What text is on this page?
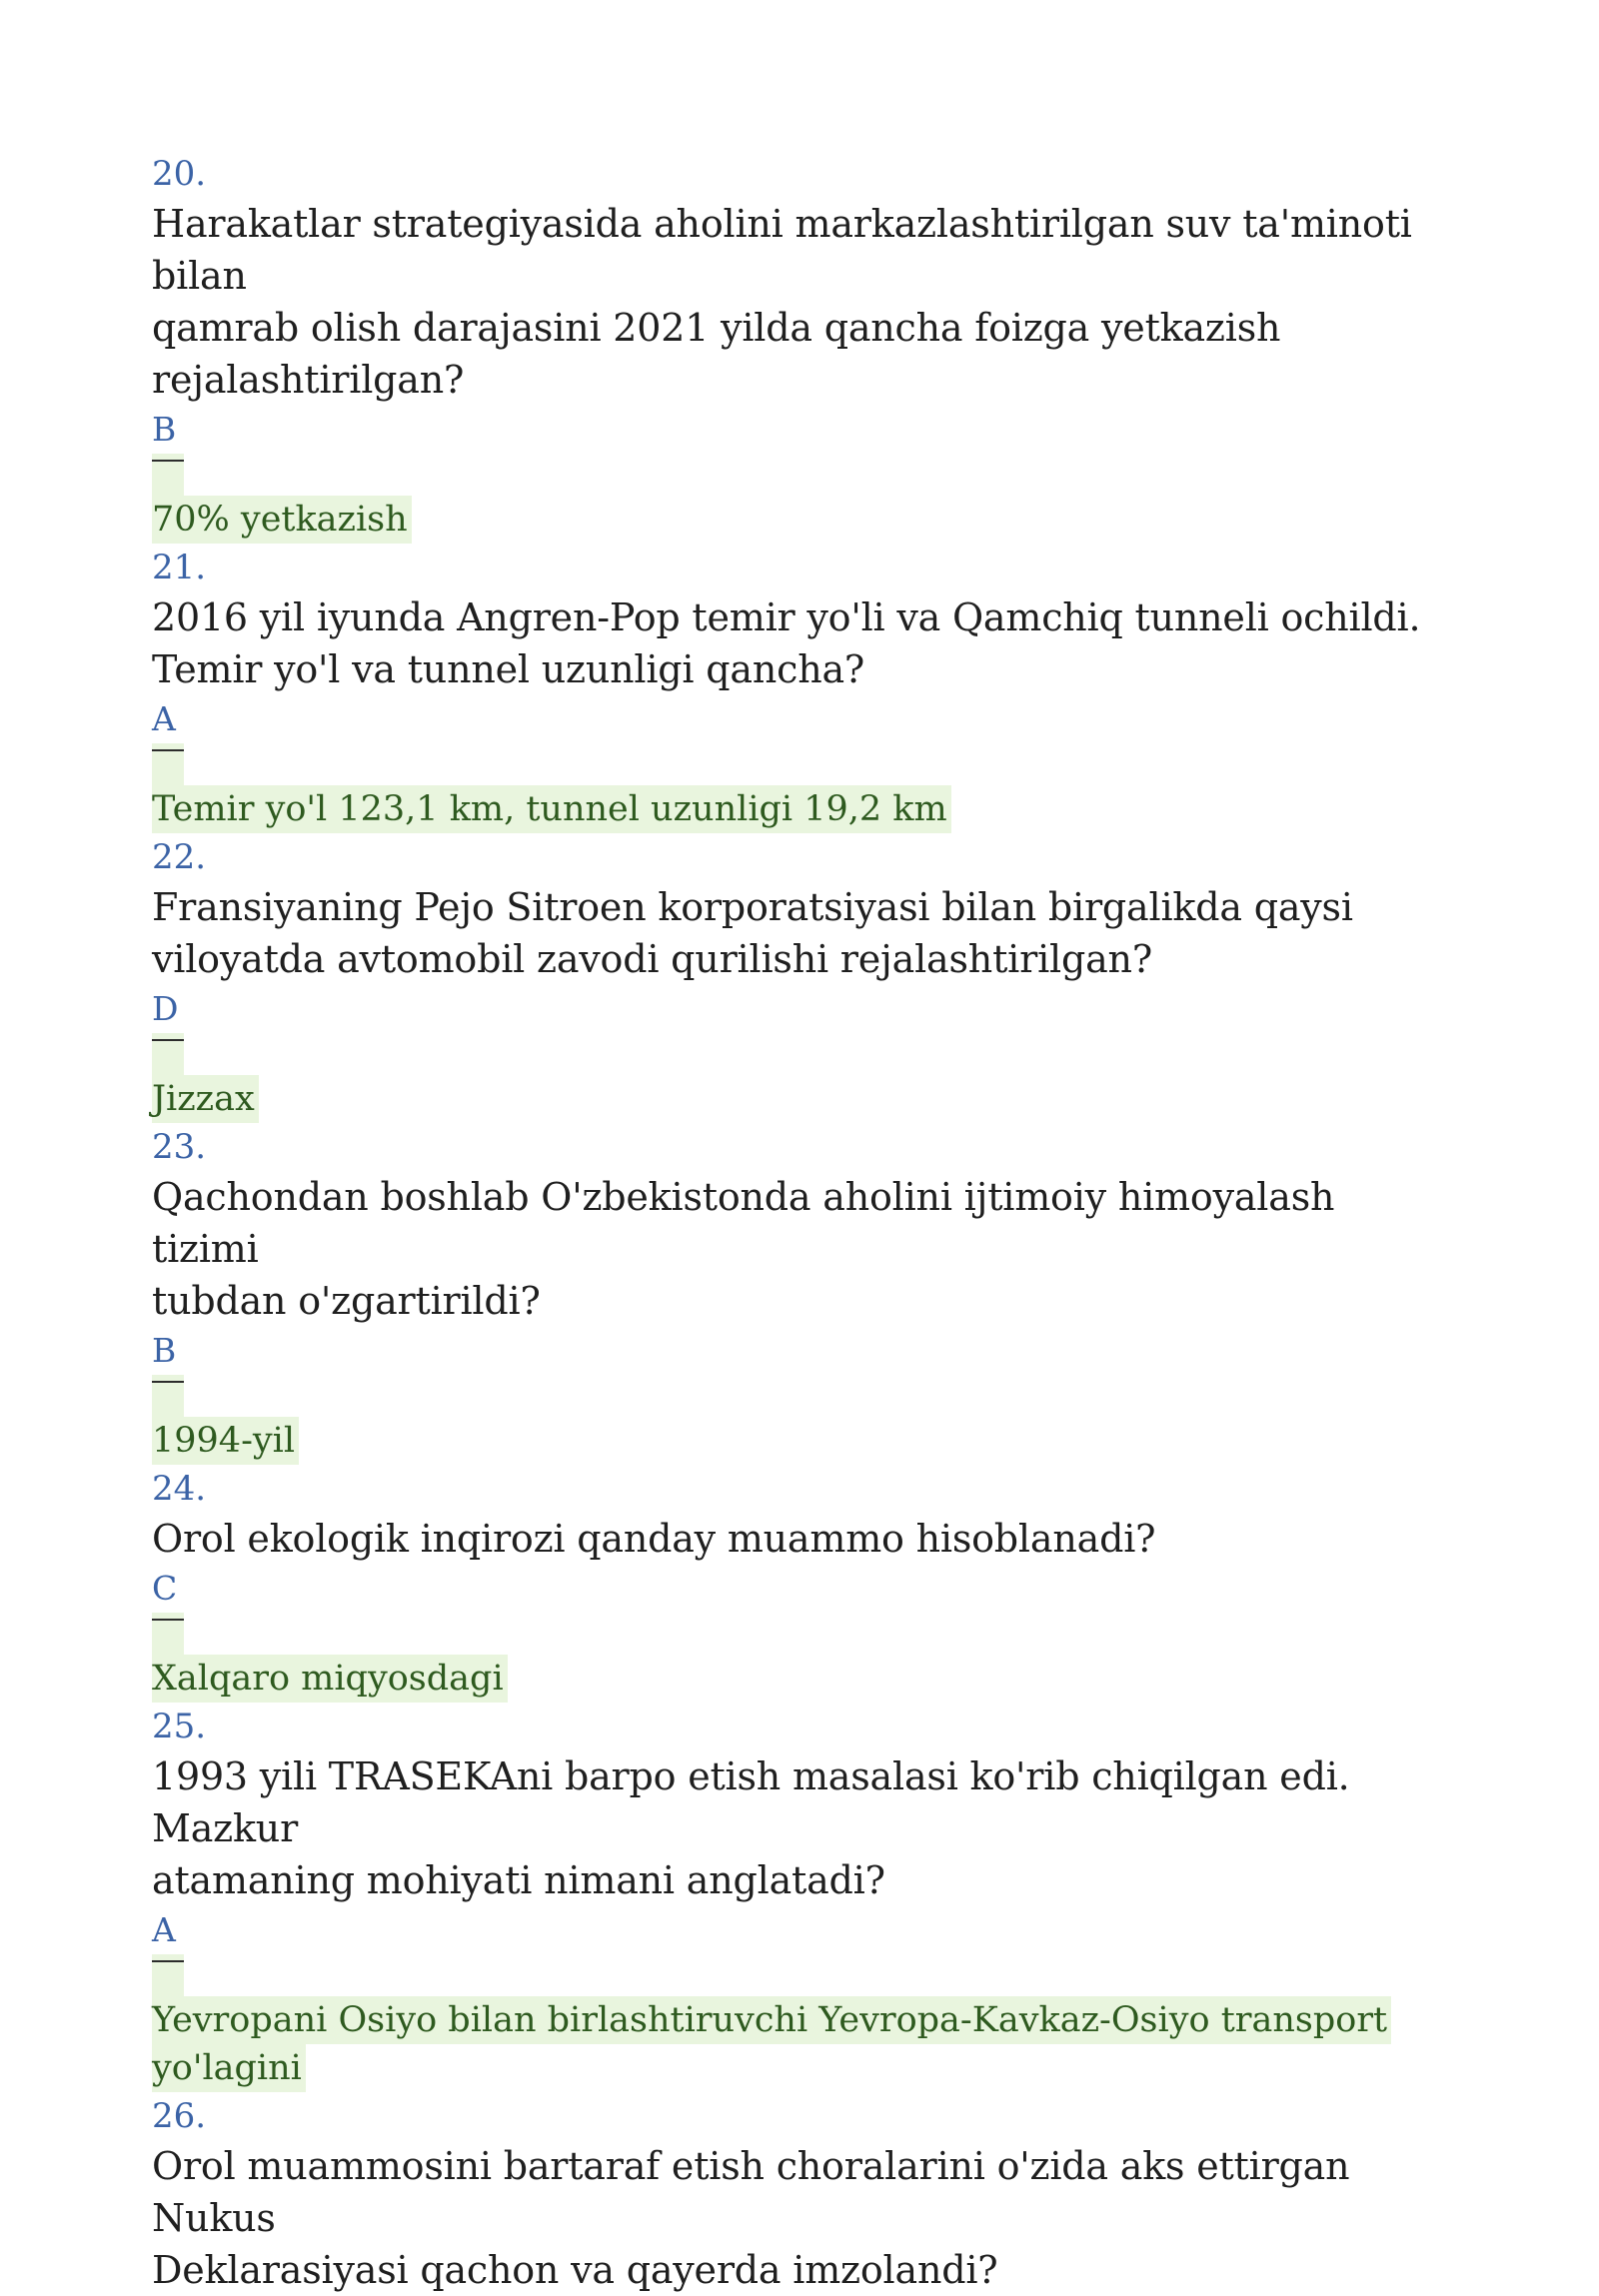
20.
Harakatlar strategiyasida aholini markazlashtirilgan suv ta'minoti bilan
qamrab olish darajasini 2021 yilda qancha foizga yetkazish
rejalashtirilgan?
B
70% yetkazish
21.
2016 yil iyunda Angren-Pop temir yo'li va Qamchiq tunneli ochildi.
Temir yo'l va tunnel uzunligi qancha?
A
Temir yo'l 123,1 km, tunnel uzunligi 19,2 km
22.
Fransiyaning Pejo Sitroen korporatsiyasi bilan birgalikda qaysi
viloyatda avtomobil zavodi qurilishi rejalashtirilgan?
D
Jizzax
23.
Qachondan boshlab O'zbekistonda aholini ijtimoiy himoyalash tizimi
tubdan o'zgartirildi?
B
1994-yil
24.
Orol ekologik inqirozi qanday muammo hisoblanadi?
C
Xalqaro miqyosdagi
25.
1993 yili TRASEKAni barpo etish masalasi ko'rib chiqilgan edi. Mazkur
atamaning mohiyati nimani anglatadi?
A
Yevropani Osiyo bilan birlashtiruvchi Yevropa-Kavkaz-Osiyo transport
yo'lagini
26.
Orol muammosini bartaraf etish choralarini o'zida aks ettirgan Nukus
Deklarasiyasi qachon va qayerda imzolandi?
